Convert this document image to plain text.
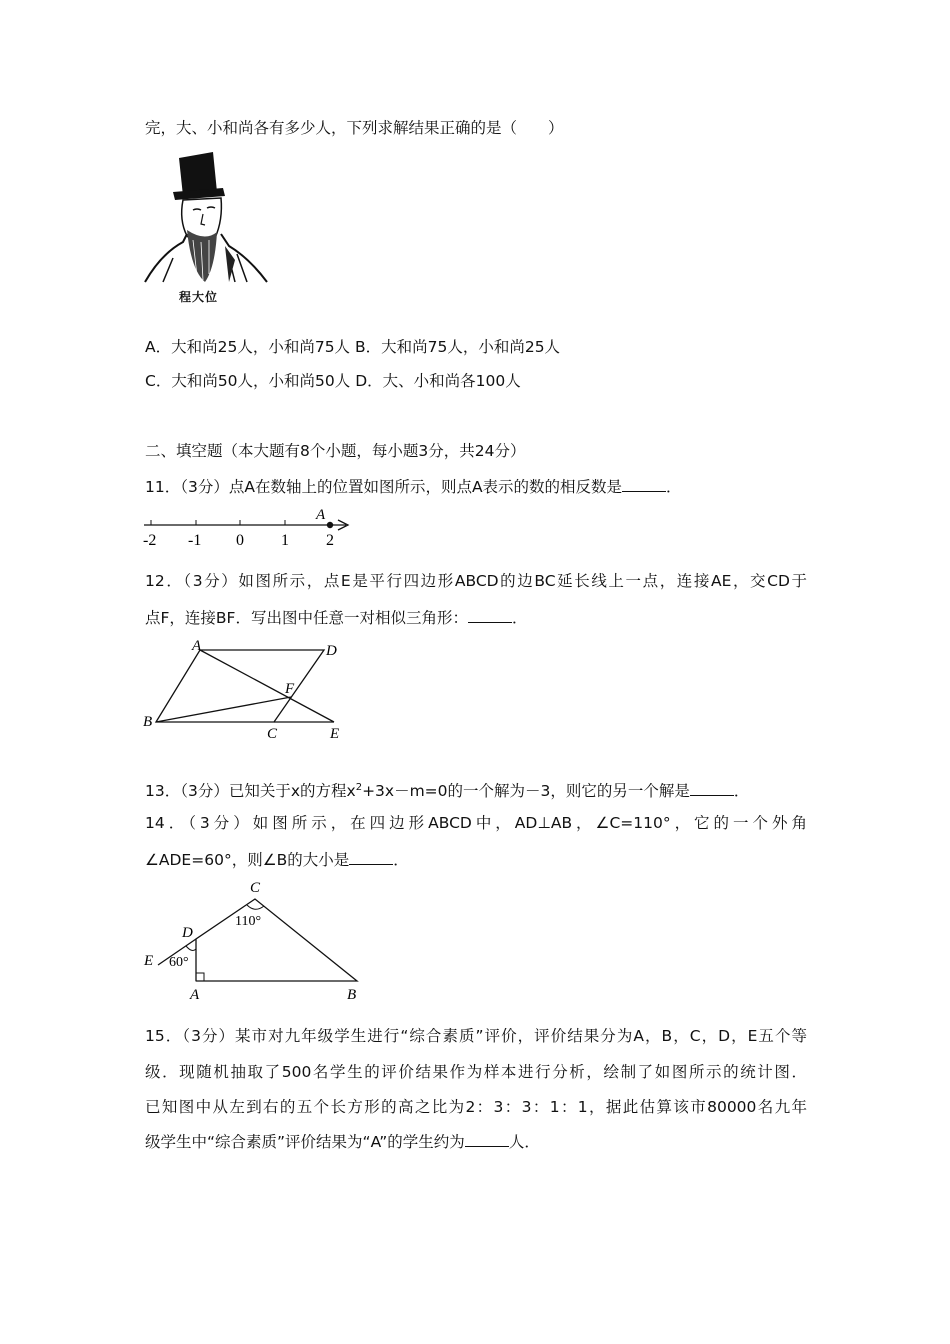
完，大、小和尚各有多少人，下列求解结果正确的是（　　）
程大位
A．大和尚25人，小和尚75人 B．大和尚75人，小和尚25人
C．大和尚50人，小和尚50人 D．大、小和尚各100人
二、填空题（本大题有8个小题，每小题3分，共24分）
11．（3分）点A在数轴上的位置如图所示，则点A表示的数的相反数是	．
-2 -1 0 1 2
A
12．（3分）如图所示，点E是平行四边形ABCD的边BC延长线上一点，连接AE，交CD于
点F，连接BF．写出图中任意一对相似三角形：	．
A	D
F
B
C	E
13．（3分）已知关于x的方程$x^2+3x-m=0$的一个解为－3，则它的另一个解是	．
14．（3分）如图所示，在四边形ABCD中，AD⊥AB，∠C=110°，它的一个外角
∠ADE=60°，则∠B的大小是	．
C
D
E
A	B
110°
60°
15．（3分）某市对九年级学生进行“综合素质”评价，评价结果分为A，B，C，D，E五个等
级．现随机抽取了500名学生的评价结果作为样本进行分析，绘制了如图所示的统计图．
已知图中从左到右的五个长方形的高之比为2：3：3：1：1，据此估算该市80000名九年
级学生中“综合素质”评价结果为“A”的学生约为	人．
